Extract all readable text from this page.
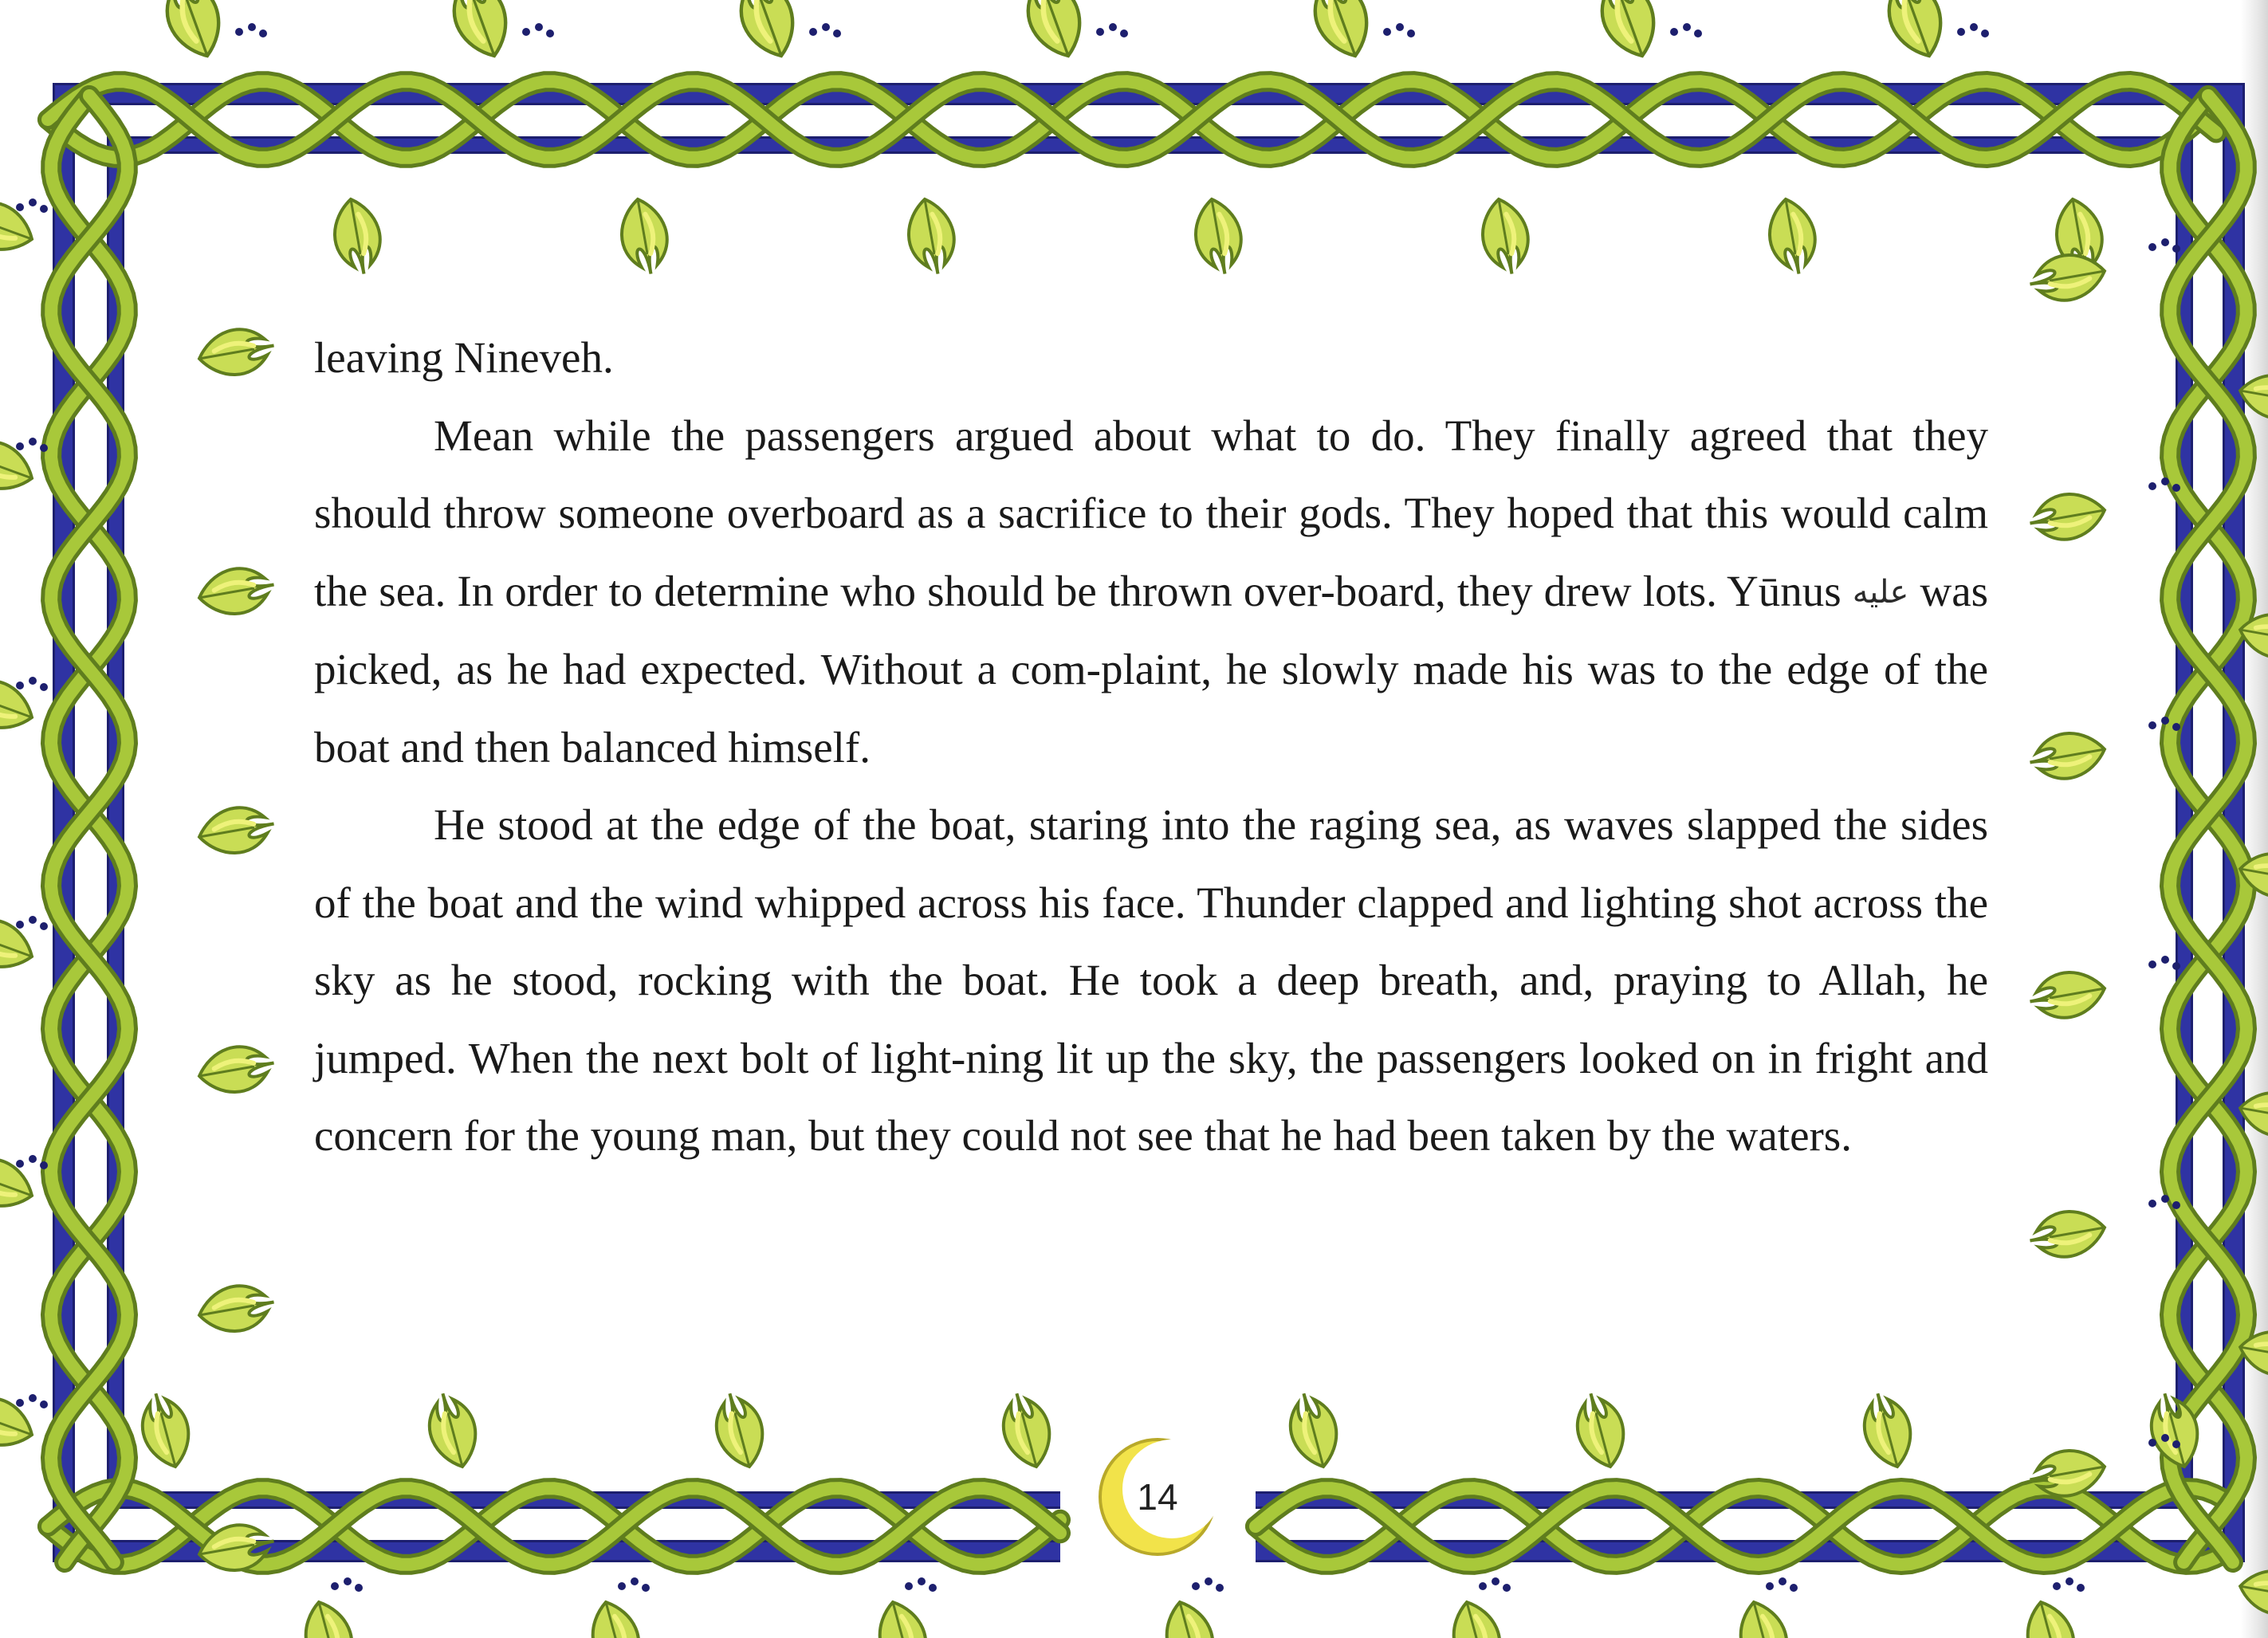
leaving Nineveh.

Mean while the passengers argued about what to do. They finally agreed that they should throw someone overboard as a sacrifice to their gods. They hoped that this would calm the sea. In order to determine who should be thrown over-board, they drew lots. Yūnus عليه was picked, as he had expected. Without a com-plaint, he slowly made his was to the edge of the boat and then balanced himself.

He stood at the edge of the boat, staring into the raging sea, as waves slapped the sides of the boat and the wind whipped across his face. Thunder clapped and lighting shot across the sky as he stood, rocking with the boat. He took a deep breath, and, praying to Allah, he jumped. When the next bolt of light-ning lit up the sky, the passengers looked on in fright and concern for the young man, but they could not see that he had been taken by the waters.

14
